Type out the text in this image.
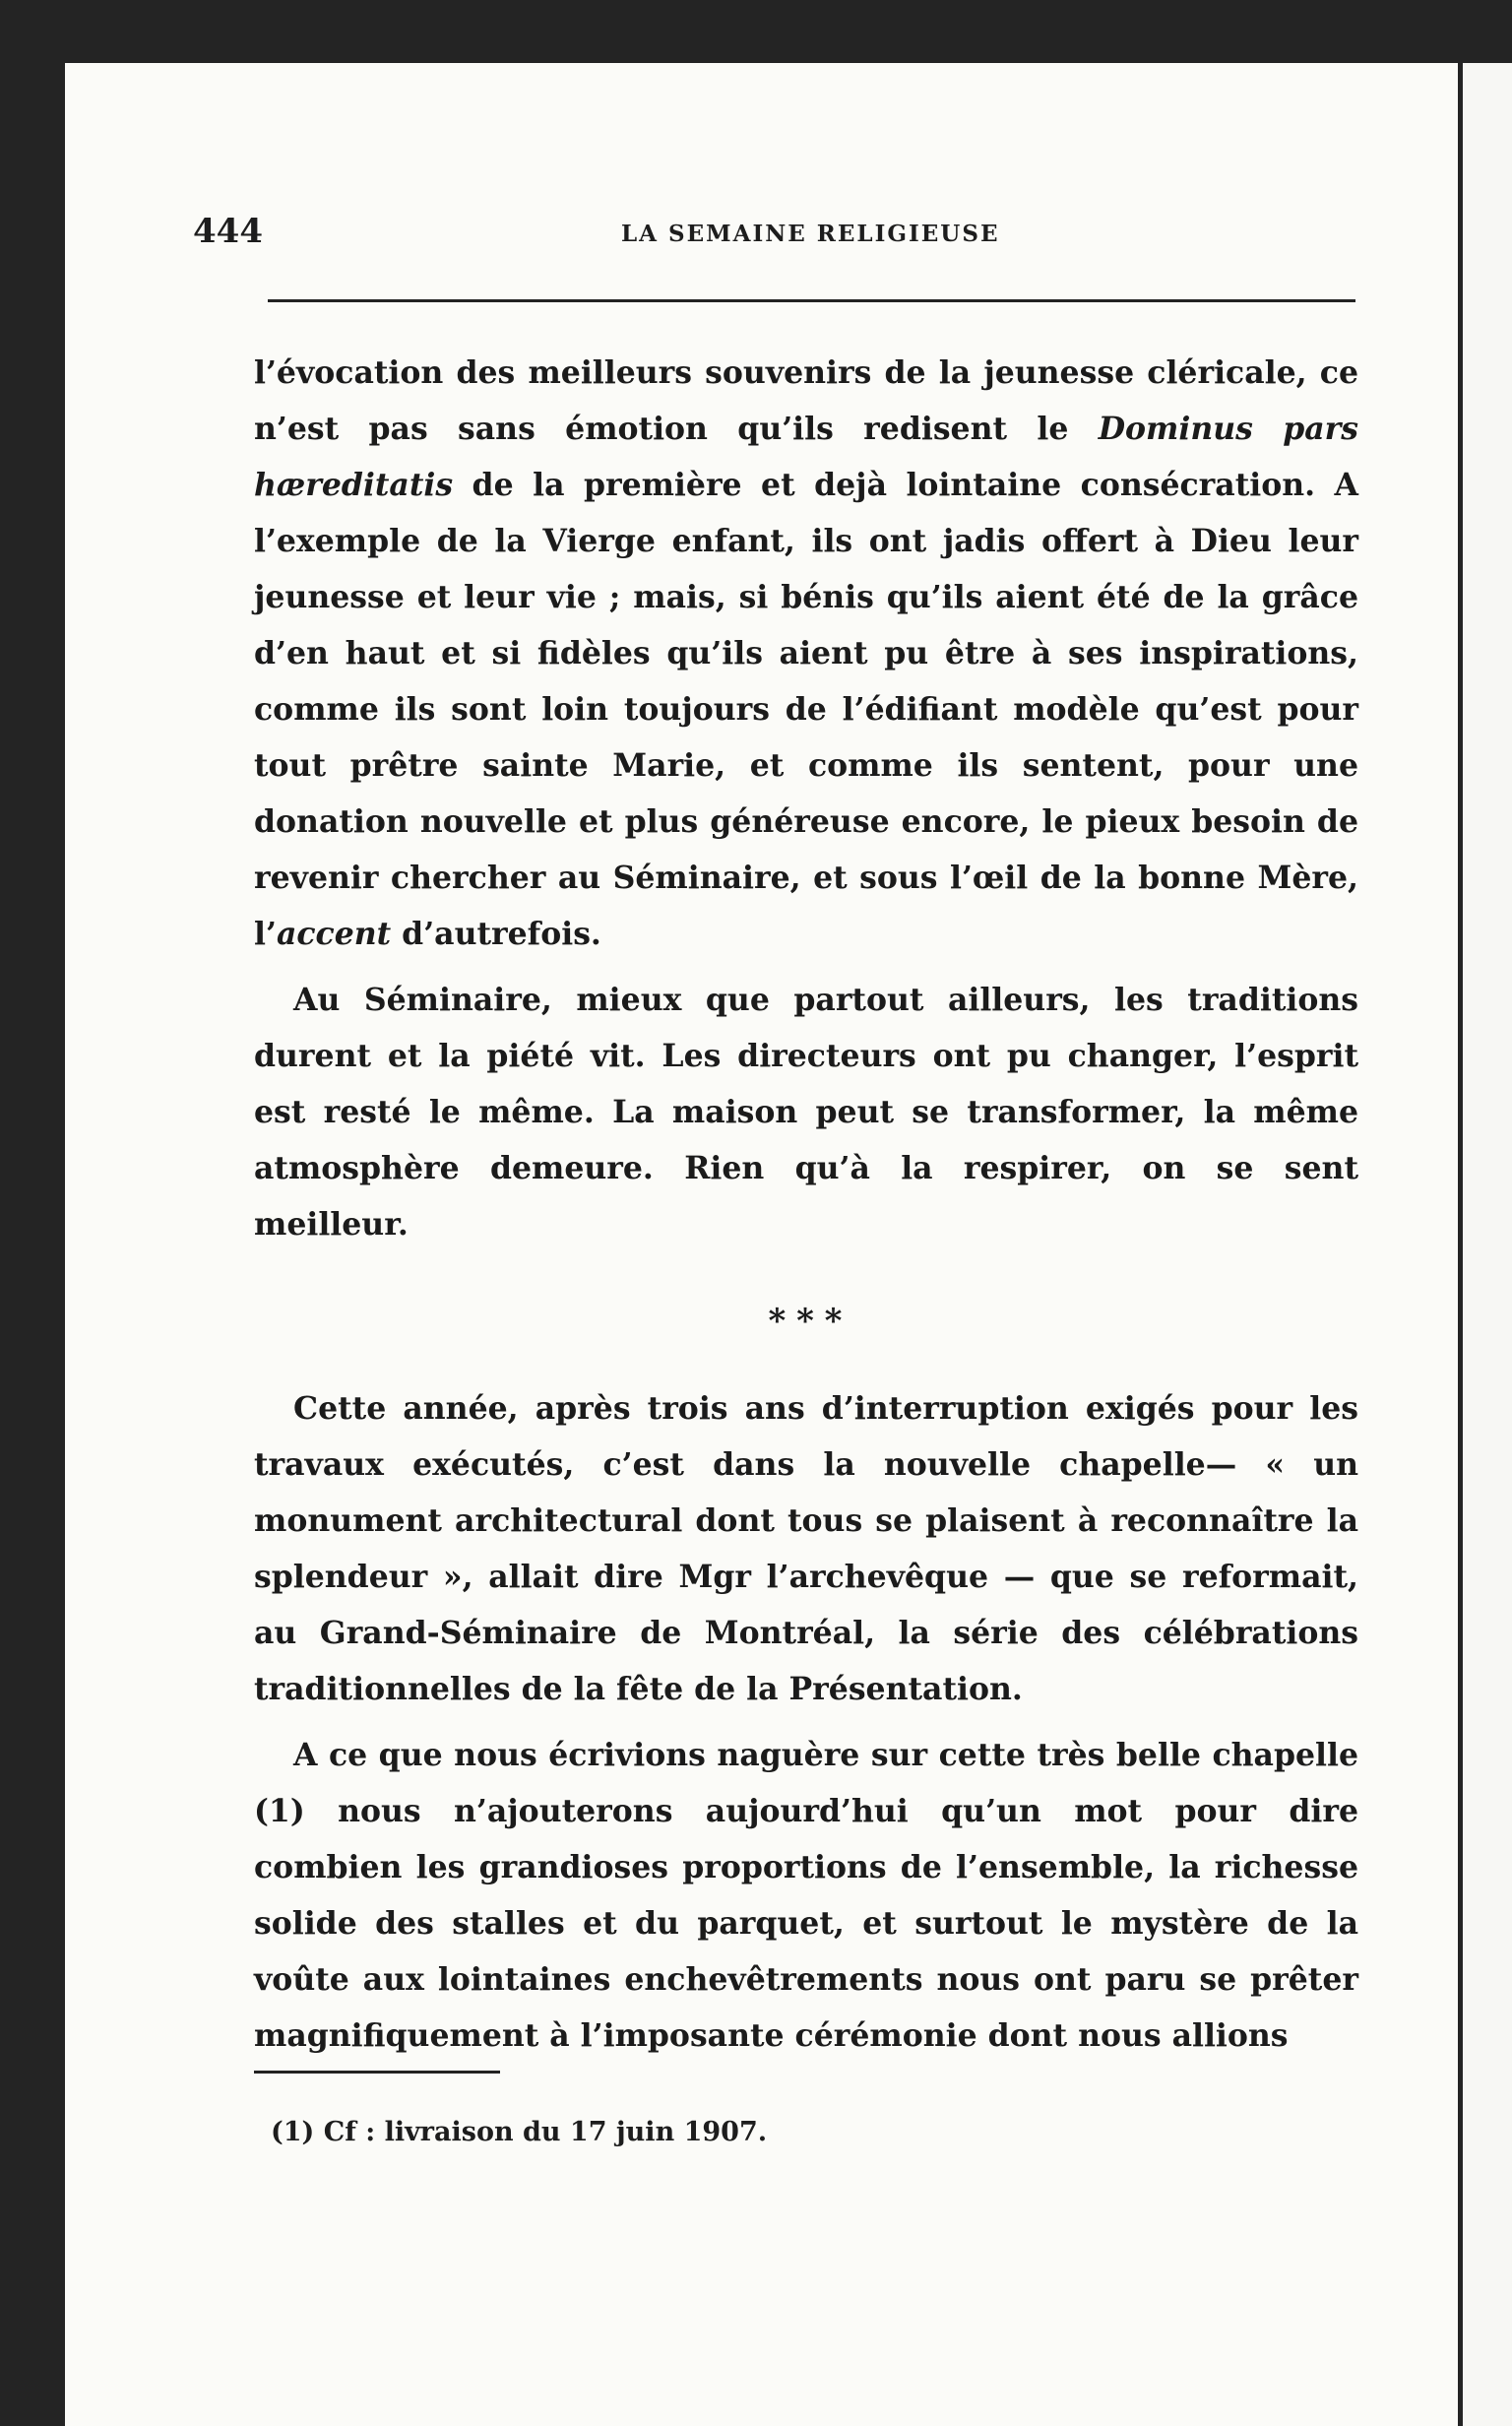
444	LA SEMAINE RELIGIEUSE

l’évocation des meilleurs souvenirs de la jeunesse cléricale, ce n’est pas sans émotion qu’ils redisent le Dominus pars hæreditatis de la première et dejà lointaine consécration. A l’exemple de la Vierge enfant, ils ont jadis offert à Dieu leur jeunesse et leur vie ; mais, si bénis qu’ils aient été de la grâce d’en haut et si fidèles qu’ils aient pu être à ses inspirations, comme ils sont loin toujours de l’édifiant modèle qu’est pour tout prêtre sainte Marie, et comme ils sentent, pour une donation nouvelle et plus généreuse encore, le pieux besoin de revenir chercher au Séminaire, et sous l’œil de la bonne Mère, l’accent d’autrefois.

Au Séminaire, mieux que partout ailleurs, les traditions durent et la piété vit. Les directeurs ont pu changer, l’esprit est resté le même. La maison peut se transformer, la même atmosphère demeure. Rien qu’à la respirer, on se sent meilleur.

* * *

Cette année, après trois ans d’interruption exigés pour les travaux exécutés, c’est dans la nouvelle chapelle— « un monument architectural dont tous se plaisent à reconnaître la splendeur », allait dire Mgr l’archevêque — que se reformait, au Grand-Séminaire de Montréal, la série des célébrations traditionnelles de la fête de la Présentation.

A ce que nous écrivions naguère sur cette très belle chapelle (1) nous n’ajouterons aujourd’hui qu’un mot pour dire combien les grandioses proportions de l’ensemble, la richesse solide des stalles et du parquet, et surtout le mystère de la voûte aux lointaines enchevêtrements nous ont paru se prêter magnifiquement à l’imposante cérémonie dont nous allions

(1) Cf : livraison du 17 juin 1907.
